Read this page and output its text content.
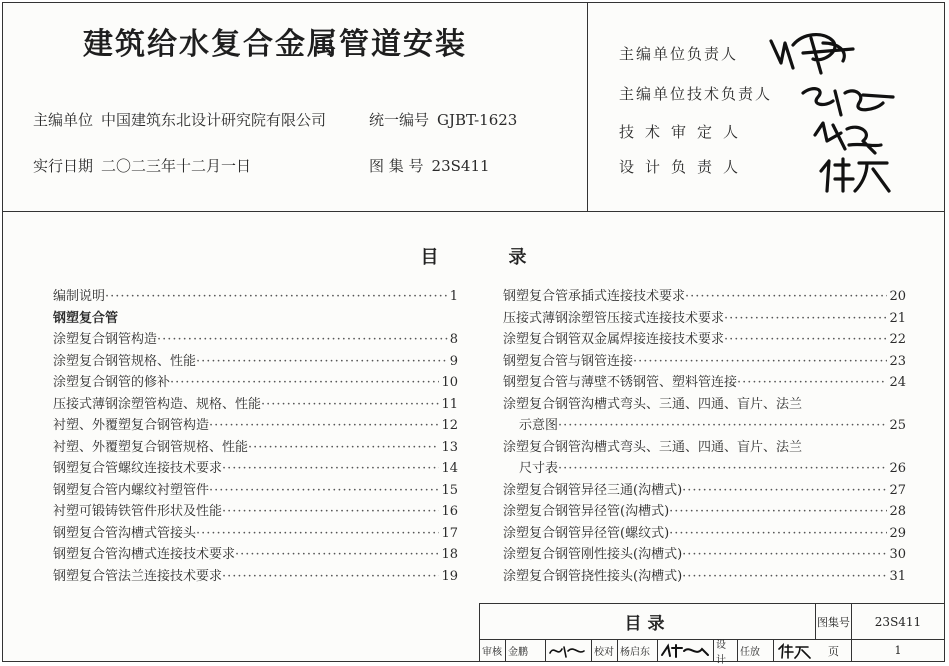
建筑给水复合金属管道安装
主编单位 中国建筑东北设计研究院有限公司	统一编号 GJBT-1623
实行日期 二〇二三年十二月一日	图 集 号 23S411
主编单位负责人
主编单位技术负责人
技术审定人
设计负责人
目	录
编制说明 ·····	1
钢塑复合管
涂塑复合钢管构造 ·····	8
涂塑复合钢管规格、性能 ·····	9
涂塑复合钢管的修补 ·····	10
压接式薄钢涂塑管构造、规格、性能 ·····	11
衬塑、外覆塑复合钢管构造 ·····	12
衬塑、外覆塑复合钢管规格、性能 ·····	13
钢塑复合管螺纹连接技术要求 ·····	14
钢塑复合管内螺纹衬塑管件 ·····	15
衬塑可锻铸铁管件形状及性能 ·····	16
钢塑复合管沟槽式管接头 ·····	17
钢塑复合管沟槽式连接技术要求 ·····	18
钢塑复合管法兰连接技术要求 ·····	19
钢塑复合管承插式连接技术要求 ·····	20
压接式薄钢涂塑管压接式连接技术要求 ·····	21
涂塑复合钢管双金属焊接连接技术要求 ·····	22
钢塑复合管与钢管连接 ·····	23
钢塑复合管与薄壁不锈钢管、塑料管连接 ·····	24
涂塑复合钢管沟槽式弯头、三通、四通、盲片、法兰
示意图 ·····	25
涂塑复合钢管沟槽式弯头、三通、四通、盲片、法兰
尺寸表 ·····	26
涂塑复合钢管异径三通(沟槽式) ·····	27
涂塑复合钢管异径管(沟槽式) ·····	28
涂塑复合钢管异径管(螺纹式) ·····	29
涂塑复合钢管刚性接头(沟槽式) ·····	30
涂塑复合钢管挠性接头(沟槽式) ·····	31
目录	图集号	23S411
页	1
审核 金鹏	校对 杨启东
设计
任放
